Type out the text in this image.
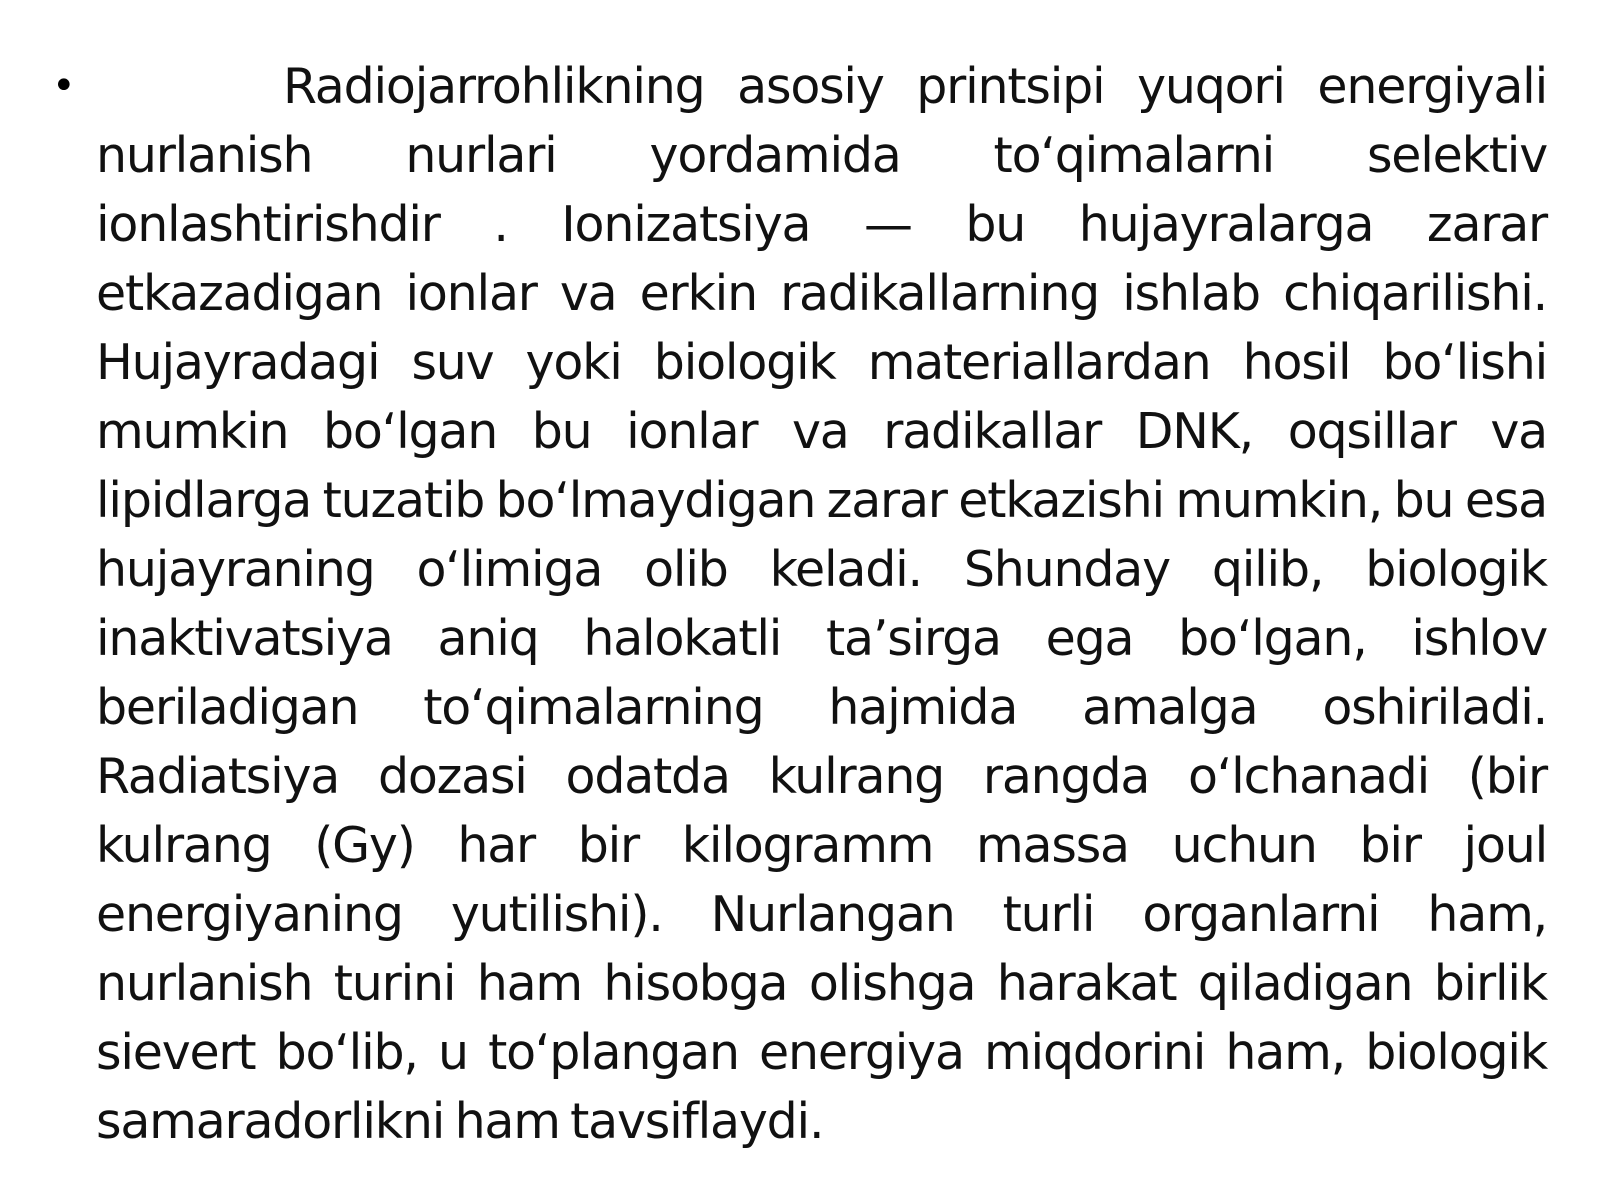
•	Radiojarrohlikning asosiy printsipi yuqori energiyali nurlanish nurlari yordamida to‘qimalarni selektiv ionlashtirishdir . Ionizatsiya — bu hujayralarga zarar etkazadigan ionlar va erkin radikallarning ishlab chiqarilishi. Hujayradagi suv yoki biologik materiallardan hosil bo‘lishi mumkin bo‘lgan bu ionlar va radikallar DNK, oqsillar va lipidlarga tuzatib bo‘lmaydigan zarar etkazishi mumkin, bu esa hujayraning o‘limiga olib keladi. Shunday qilib, biologik inaktivatsiya aniq halokatli ta’sirga ega bo‘lgan, ishlov beriladigan to‘qimalarning hajmida amalga oshiriladi. Radiatsiya dozasi odatda kulrang rangda o‘lchanadi (bir kulrang (Gy) har bir kilogramm massa uchun bir joul energiyaning yutilishi). Nurlangan turli organlarni ham, nurlanish turini ham hisobga olishga harakat qiladigan birlik sievert bo‘lib, u to‘plangan energiya miqdorini ham, biologik samaradorlikni ham tavsiflaydi.
